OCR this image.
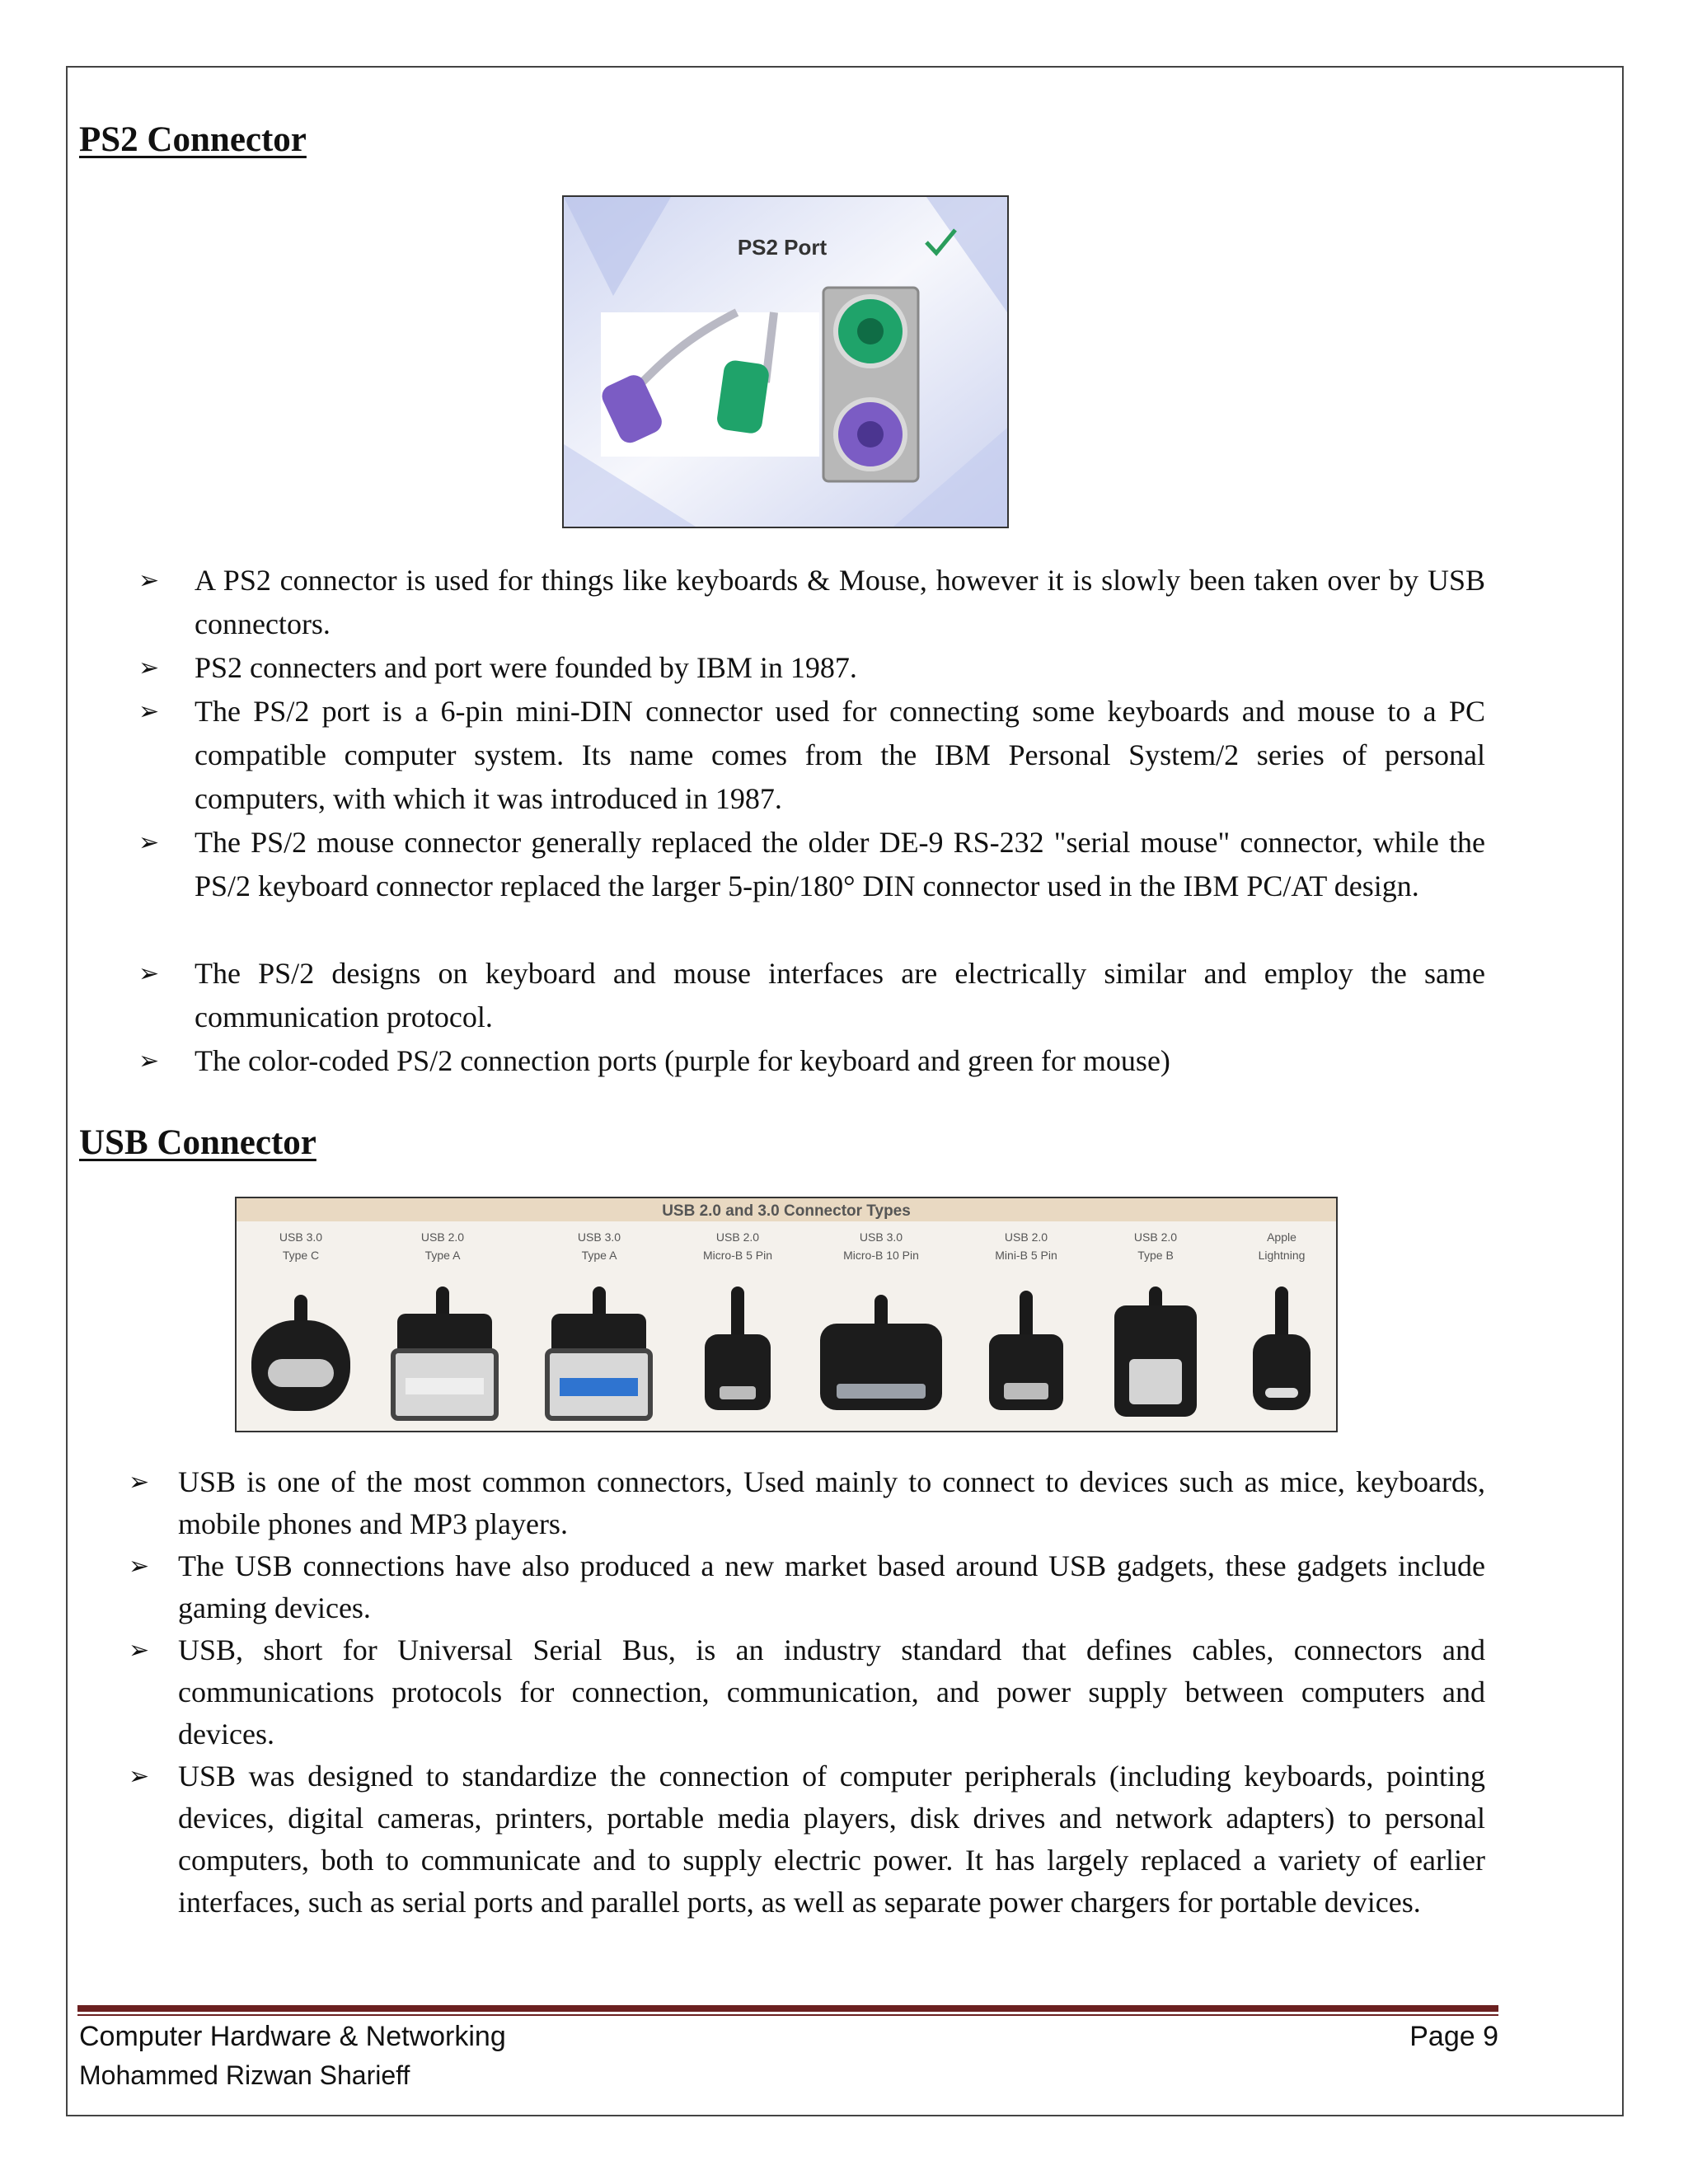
PS2 Connector
PS2 Port
➢ A PS2 connector is used for things like keyboards & Mouse, however it is slowly been taken over by USB connectors.
➢ PS2 connecters and port were founded by IBM in 1987.
➢ The PS/2 port is a 6-pin mini-DIN connector used for connecting some keyboards and mouse to a PC compatible computer system. Its name comes from the IBM Personal System/2 series of personal computers, with which it was introduced in 1987.
➢ The PS/2 mouse connector generally replaced the older DE-9 RS-232 "serial mouse" connector, while the PS/2 keyboard connector replaced the larger 5-pin/180° DIN connector used in the IBM PC/AT design.
➢ The PS/2 designs on keyboard and mouse interfaces are electrically similar and employ the same communication protocol.
➢ The color-coded PS/2 connection ports (purple for keyboard and green for mouse)
USB Connector
USB 2.0 and 3.0 Connector Types
USB 3.0
Type C
USB 2.0
Type A
USB 3.0
Type A
USB 2.0
Micro-B 5 Pin
USB 3.0
Micro-B 10 Pin
USB 2.0
Mini-B 5 Pin
USB 2.0
Type B
Apple
Lightning
➢ USB is one of the most common connectors, Used mainly to connect to devices such as mice, keyboards, mobile phones and MP3 players.
➢ The USB connections have also produced a new market based around USB gadgets, these gadgets include gaming devices.
➢ USB, short for Universal Serial Bus, is an industry standard that defines cables, connectors and communications protocols for connection, communication, and power supply between computers and devices.
➢ USB was designed to standardize the connection of computer peripherals (including keyboards, pointing devices, digital cameras, printers, portable media players, disk drives and network adapters) to personal computers, both to communicate and to supply electric power. It has largely replaced a variety of earlier interfaces, such as serial ports and parallel ports, as well as separate power chargers for portable devices.
Computer Hardware & Networking
Mohammed Rizwan Sharieff
Page 9
